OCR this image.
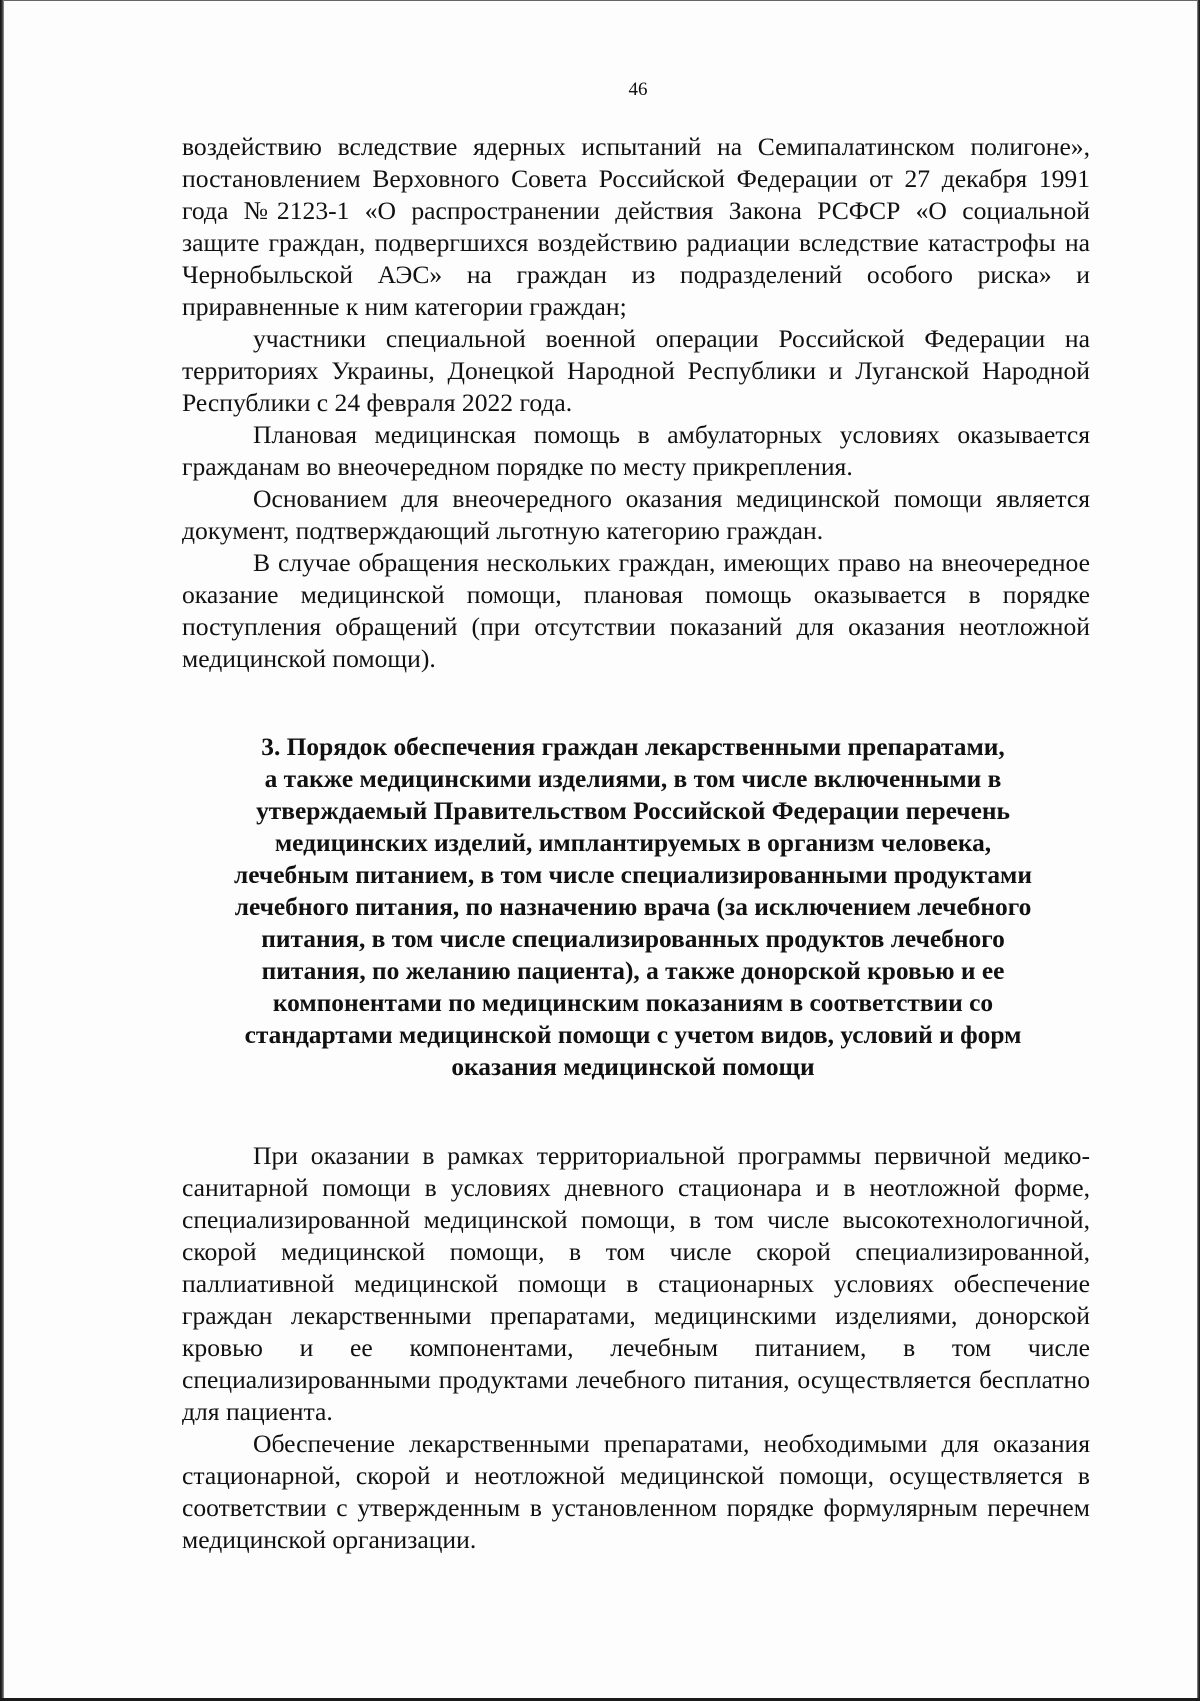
46

воздействию вследствие ядерных испытаний на Семипалатинском полигоне», постановлением Верховного Совета Российской Федерации от 27 декабря 1991 года №2123-1 «О распространении действия Закона РСФСР «О социальной защите граждан, подвергшихся воздействию радиации вследствие катастрофы на Чернобыльской АЭС» на граждан из подразделений особого риска» и приравненные к ним категории граждан;

участники специальной военной операции Российской Федерации на территориях Украины, Донецкой Народной Республики и Луганской Народной Республики с 24 февраля 2022 года.

Плановая медицинская помощь в амбулаторных условиях оказывается гражданам во внеочередном порядке по месту прикрепления.

Основанием для внеочередного оказания медицинской помощи является документ, подтверждающий льготную категорию граждан.

В случае обращения нескольких граждан, имеющих право на внеочередное оказание медицинской помощи, плановая помощь оказывается в порядке поступления обращений (при отсутствии показаний для оказания неотложной медицинской помощи).

3. Порядок обеспечения граждан лекарственными препаратами,
а также медицинскими изделиями, в том числе включенными в
утверждаемый Правительством Российской Федерации перечень
медицинских изделий, имплантируемых в организм человека,
лечебным питанием, в том числе специализированными продуктами
лечебного питания, по назначению врача (за исключением лечебного
питания, в том числе специализированных продуктов лечебного
питания, по желанию пациента), а также донорской кровью и ее
компонентами по медицинским показаниям в соответствии со
стандартами медицинской помощи с учетом видов, условий и форм
оказания медицинской помощи

При оказании в рамках территориальной программы первичной медико-санитарной помощи в условиях дневного стационара и в неотложной форме, специализированной медицинской помощи, в том числе высокотехнологичной, скорой медицинской помощи, в том числе скорой специализированной, паллиативной медицинской помощи в стационарных условиях обеспечение граждан лекарственными препаратами, медицинскими изделиями, донорской кровью и ее компонентами, лечебным питанием, в том числе специализированными продуктами лечебного питания, осуществляется бесплатно для пациента.

Обеспечение лекарственными препаратами, необходимыми для оказания стационарной, скорой и неотложной медицинской помощи, осуществляется в соответствии с утвержденным в установленном порядке формулярным перечнем медицинской организации.
